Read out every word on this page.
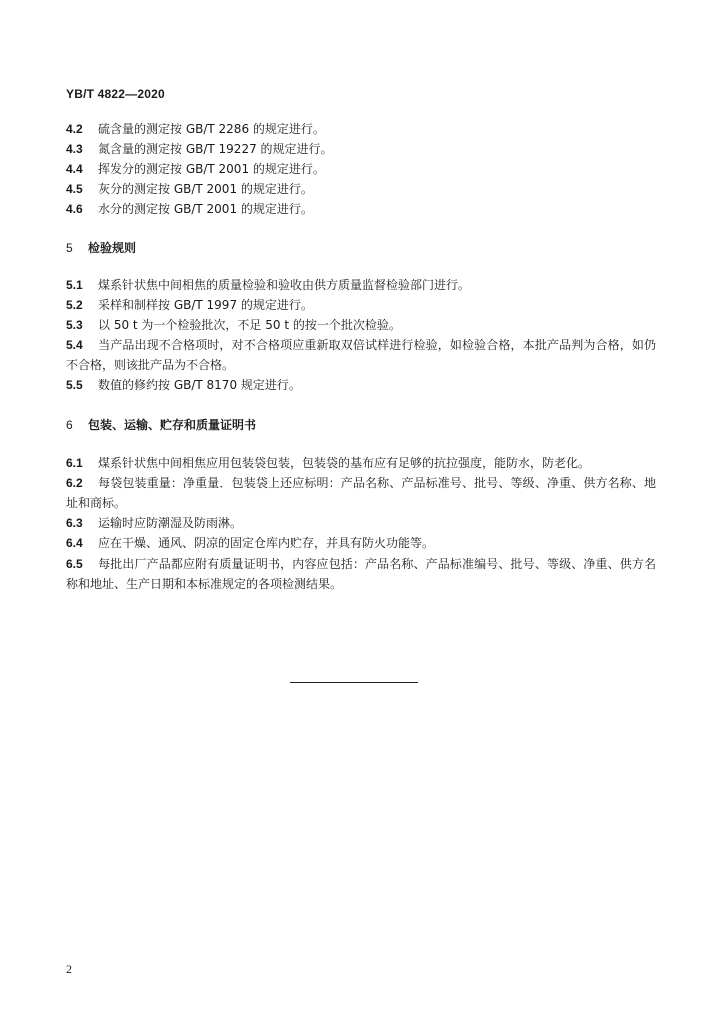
YB/T 4822—2020
4.2 硫含量的测定按 GB/T 2286 的规定进行。
4.3 氮含量的测定按 GB/T 19227 的规定进行。
4.4 挥发分的测定按 GB/T 2001 的规定进行。
4.5 灰分的测定按 GB/T 2001 的规定进行。
4.6 水分的测定按 GB/T 2001 的规定进行。
5 检验规则
5.1 煤系针状焦中间相焦的质量检验和验收由供方质量监督检验部门进行。
5.2 采样和制样按 GB/T 1997 的规定进行。
5.3 以 50 t 为一个检验批次，不足 50 t 的按一个批次检验。
5.4 当产品出现不合格项时，对不合格项应重新取双倍试样进行检验，如检验合格，本批产品判为合格，如仍不合格，则该批产品为不合格。
5.5 数值的修约按 GB/T 8170 规定进行。
6 包装、运输、贮存和质量证明书
6.1 煤系针状焦中间相焦应用包装袋包装，包装袋的基布应有足够的抗拉强度，能防水，防老化。
6.2 每袋包装重量：净重量．包装袋上还应标明：产品名称、产品标准号、批号、等级、净重、供方名称、地址和商标。
6.3 运输时应防潮湿及防雨淋。
6.4 应在干燥、通风、阴凉的固定仓库内贮存，并具有防火功能等。
6.5 每批出厂产品都应附有质量证明书，内容应包括：产品名称、产品标准编号、批号、等级、净重、供方名称和地址、生产日期和本标准规定的各项检测结果。
2
